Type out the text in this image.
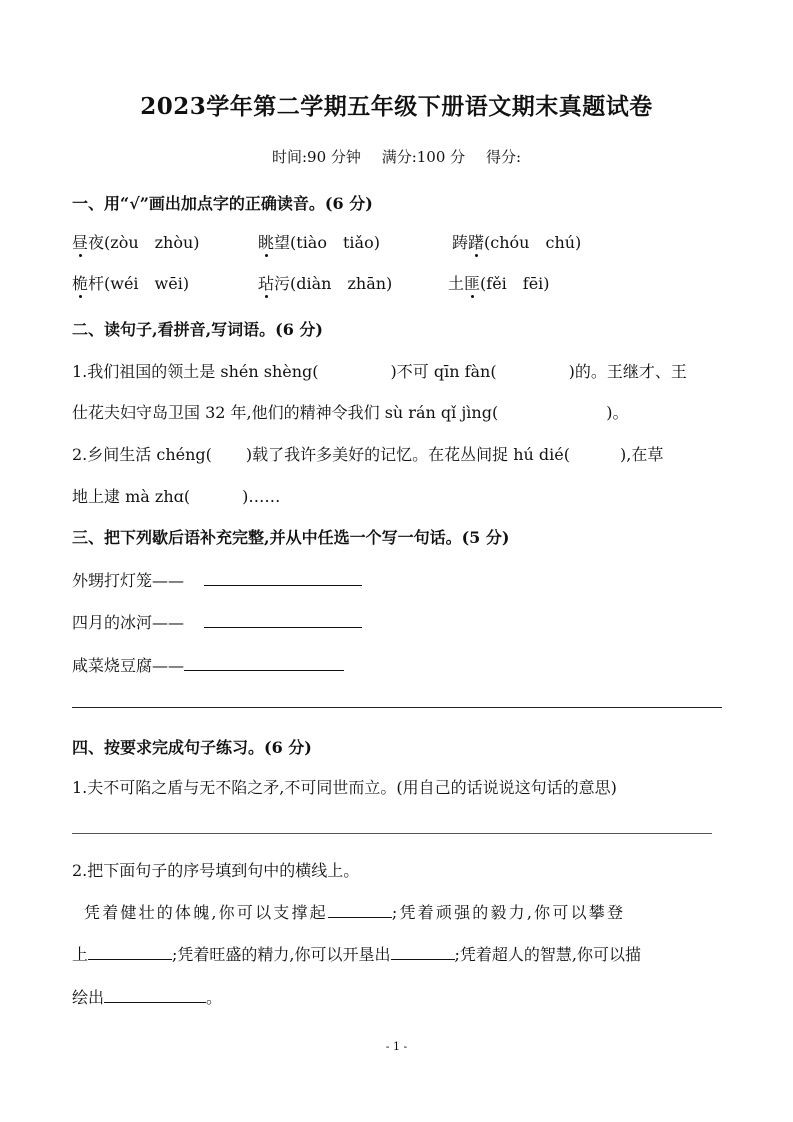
2023学年第二学期五年级下册语文期末真题试卷
时间:90 分钟 满分:100 分 得分:
一、用“√”画出加点字的正确读音。(6 分)
昼夜(zòu　zhòu)	眺望(tiào　tiǎo)	踌躇(chóu　chú)
桅杆(wéi　wēi)	玷污(diàn　zhān)	土匪(fěi　fēi)
二、读句子,看拼音,写词语。(6 分)
1.我们祖国的领土是 shén shèng(	)不可 qīn fàn(	)的。王继才、王
仕花夫妇守岛卫国 32 年,他们的精神令我们 sù rán qǐ jìng(	)。
2.乡间生活 chéng( )载了我许多美好的记忆。在花丛间捉 hú dié(	),在草
地上逮 mà zhɑ(	)……
三、把下列歇后语补充完整,并从中任选一个写一句话。(5 分)
外甥打灯笼——
四月的冰河——
咸菜烧豆腐——
四、按要求完成句子练习。(6 分)
1.夫不可陷之盾与无不陷之矛,不可同世而立。(用自己的话说说这句话的意思)
2.把下面句子的序号填到句中的横线上。
凭着健壮的体魄,你可以支撑起	;凭着顽强的毅力,你可以攀登
上	;凭着旺盛的精力,你可以开垦出	;凭着超人的智慧,你可以描
绘出	。
- 1 -
